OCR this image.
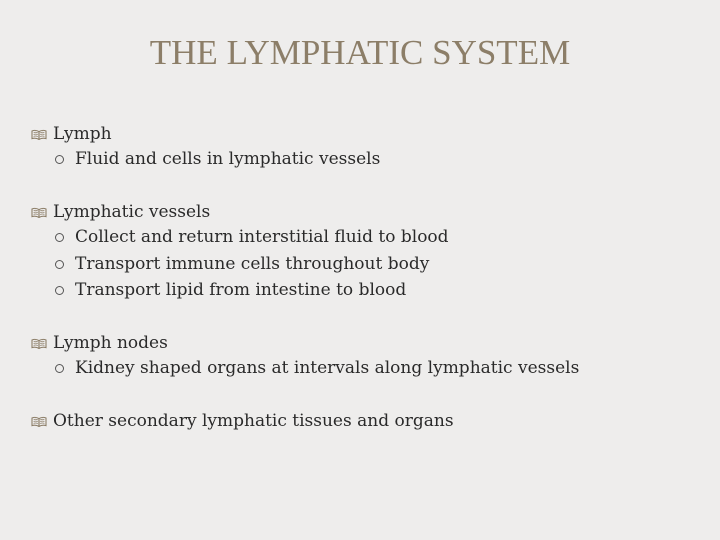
THE LYMPHATIC SYSTEM
Lymph
Fluid and cells in lymphatic vessels
Lymphatic vessels
Collect and return interstitial fluid to blood
Transport immune cells throughout body
Transport lipid from intestine to blood
Lymph nodes
Kidney shaped organs at intervals along lymphatic vessels
Other secondary lymphatic tissues and organs
